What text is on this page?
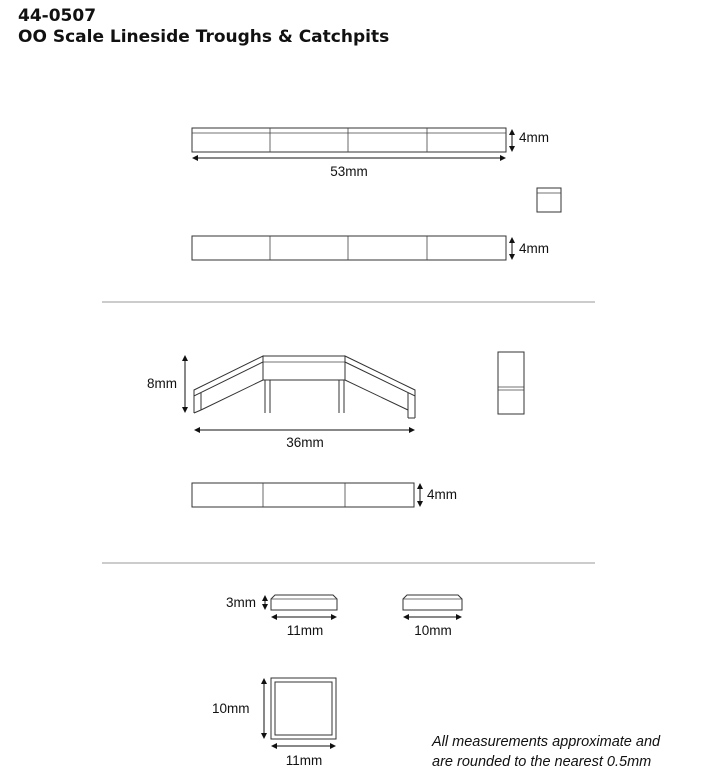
44-0507
OO Scale Lineside Troughs & Catchpits
4mm
53mm
4mm
8mm
36mm
4mm
3mm
11mm	10mm
10mm
11mm
All measurements approximate and
are rounded to the nearest 0.5mm
